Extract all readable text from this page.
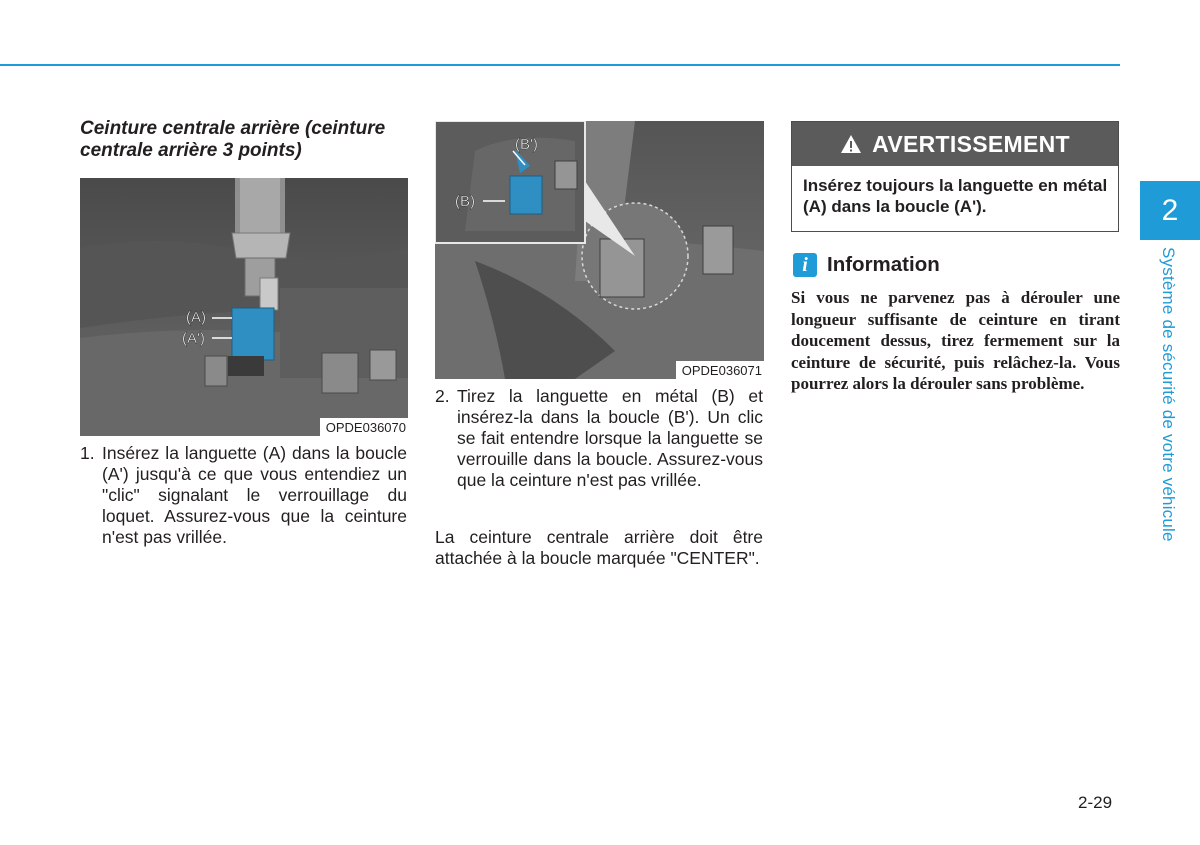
Ceinture centrale arrière (ceinture centrale arrière 3 points)
(A)
(A')
OPDE036070

1. Insérez la languette (A) dans la boucle (A') jusqu'à ce que vous entendiez un "clic" signalant le verrouillage du loquet. Assurez-vous que la ceinture n'est pas vrillée.

(B')
(B)
OPDE036071

2. Tirez la languette en métal (B) et insérez-la dans la boucle (B'). Un clic se fait entendre lorsque la languette se verrouille dans la boucle. Assurez-vous que la ceinture n'est pas vrillée.

La ceinture centrale arrière doit être attachée à la boucle marquée "CENTER".

AVERTISSEMENT
Insérez toujours la languette en métal (A) dans la boucle (A').
i Information

Si vous ne parvenez pas à dérouler une longueur suffisante de ceinture en tirant doucement dessus, tirez fermement sur la ceinture de sécurité, puis relâchez-la. Vous pourrez alors la dérouler sans problème.

2
Système de sécurité de votre véhicule
2-29
